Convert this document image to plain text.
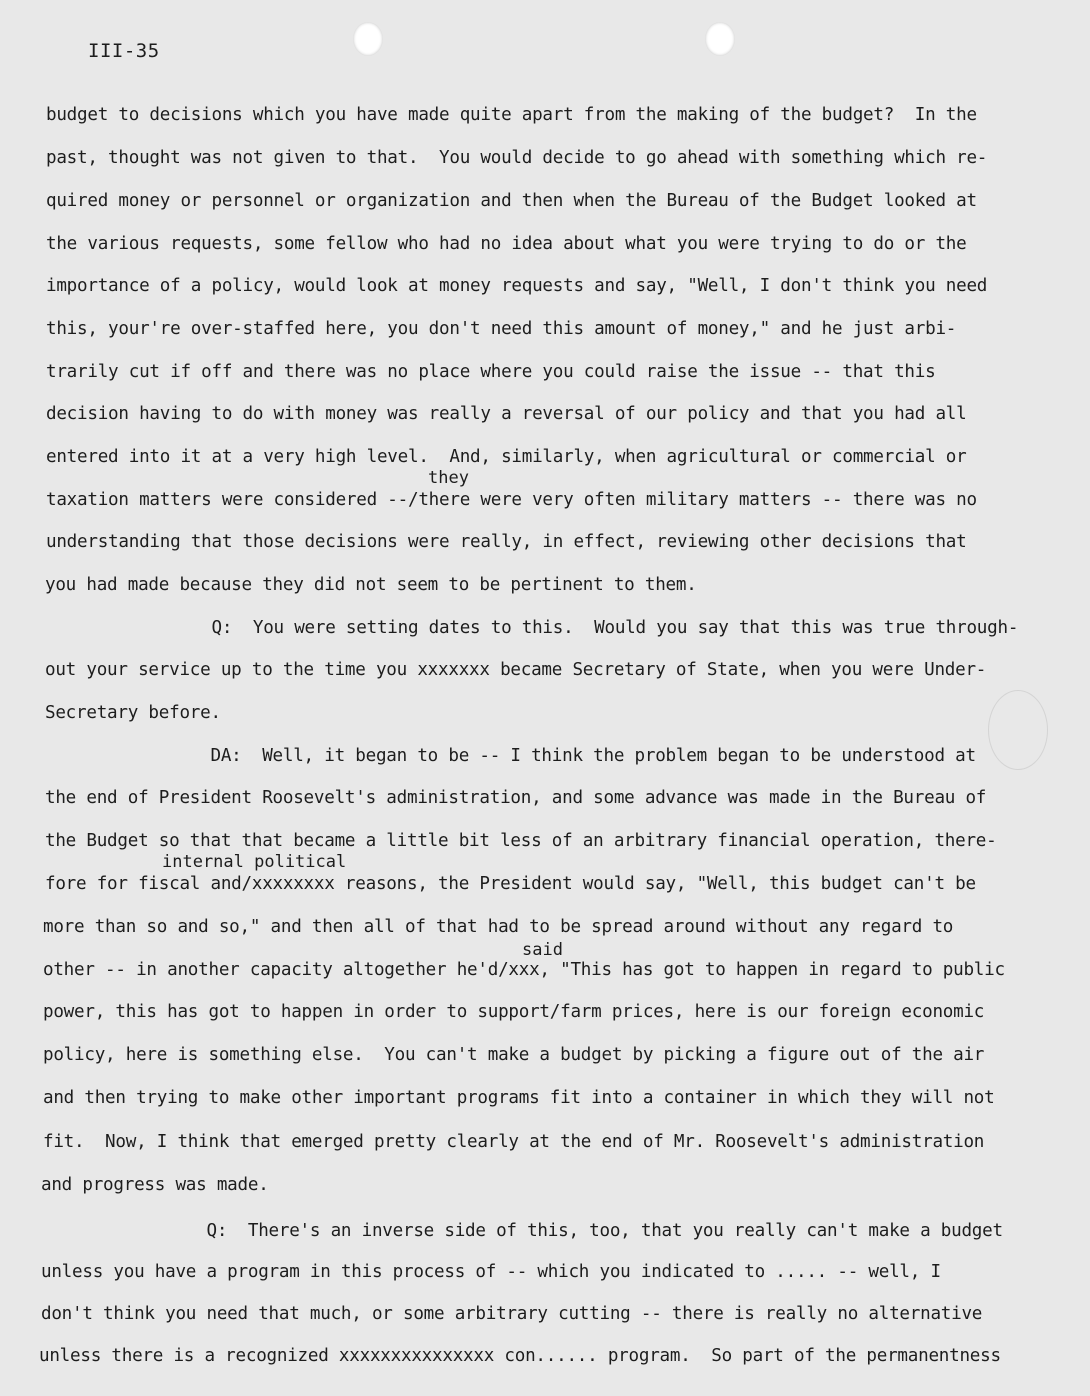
III-35
budget to decisions which you have made quite apart from the making of the budget?  In the
past, thought was not given to that.  You would decide to go ahead with something which re-
quired money or personnel or organization and then when the Bureau of the Budget looked at
the various requests, some fellow who had no idea about what you were trying to do or the
importance of a policy, would look at money requests and say, "Well, I don't think you need
this, your're over-staffed here, you don't need this amount of money," and he just arbi-
trarily cut if off and there was no place where you could raise the issue -- that this
decision having to do with money was really a reversal of our policy and that you had all
entered into it at a very high level.  And, similarly, when agricultural or commercial or
taxation matters were considered --/there were very often military matters -- there was no
understanding that those decisions were really, in effect, reviewing other decisions that
you had made because they did not seem to be pertinent to them.
Q:  You were setting dates to this.  Would you say that this was true through-
out your service up to the time you xxxxxxx became Secretary of State, when you were Under-
Secretary before.
DA:  Well, it began to be -- I think the problem began to be understood at
the end of President Roosevelt's administration, and some advance was made in the Bureau of
the Budget so that that became a little bit less of an arbitrary financial operation, there-
fore for fiscal and/xxxxxxxx reasons, the President would say, "Well, this budget can't be
more than so and so," and then all of that had to be spread around without any regard to
other -- in another capacity altogether he'd/xxx, "This has got to happen in regard to public
power, this has got to happen in order to support/farm prices, here is our foreign economic
policy, here is something else.  You can't make a budget by picking a figure out of the air
and then trying to make other important programs fit into a container in which they will not
fit.  Now, I think that emerged pretty clearly at the end of Mr. Roosevelt's administration
and progress was made.
Q:  There's an inverse side of this, too, that you really can't make a budget
unless you have a program in this process of -- which you indicated to ..... -- well, I
don't think you need that much, or some arbitrary cutting -- there is really no alternative
unless there is a recognized xxxxxxxxxxxxxxx con...... program.  So part of the permanentness
they
internal political
said
